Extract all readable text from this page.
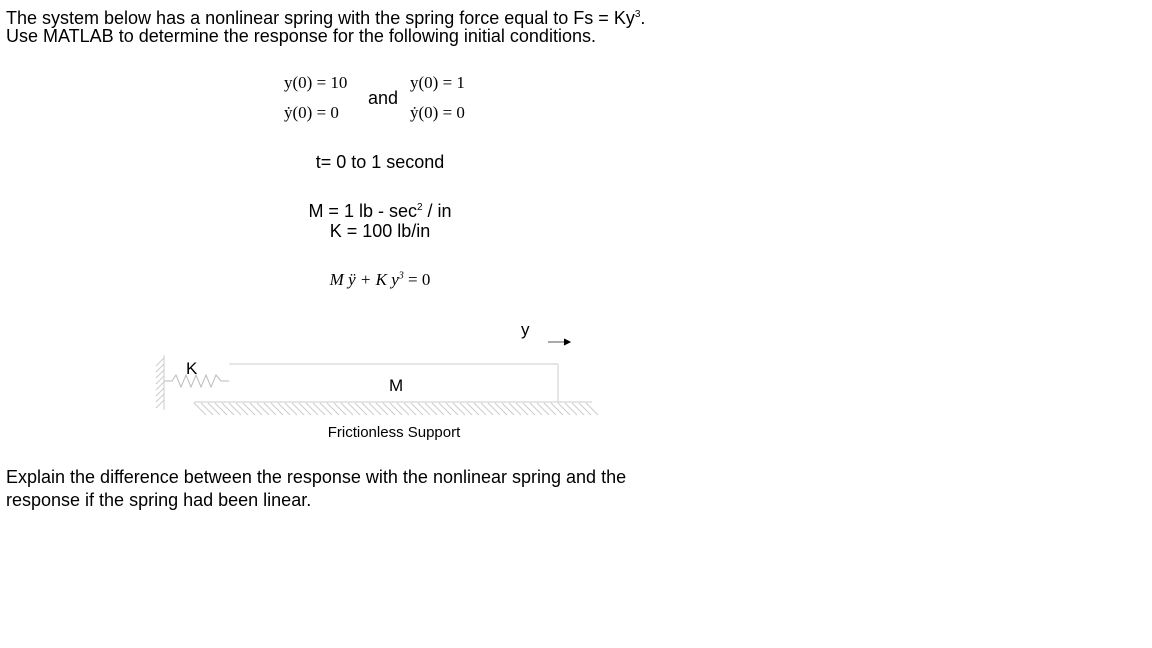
The system below has a nonlinear spring with the spring force equal to $Fs = Ky^3$.
Use MATLAB to determine the response for the following initial conditions.
y(0) = 10
ẏ(0) = 0
and
y(0) = 1
ẏ(0) = 0
t= 0 to 1 second
M = 1 lb - $\sec^2$ / in
K = 100 lb/in
M ÿ + K $y^3 = 0$
K
M
y
Frictionless Support
Explain the difference between the response with the nonlinear spring and the
response if the spring had been linear.
